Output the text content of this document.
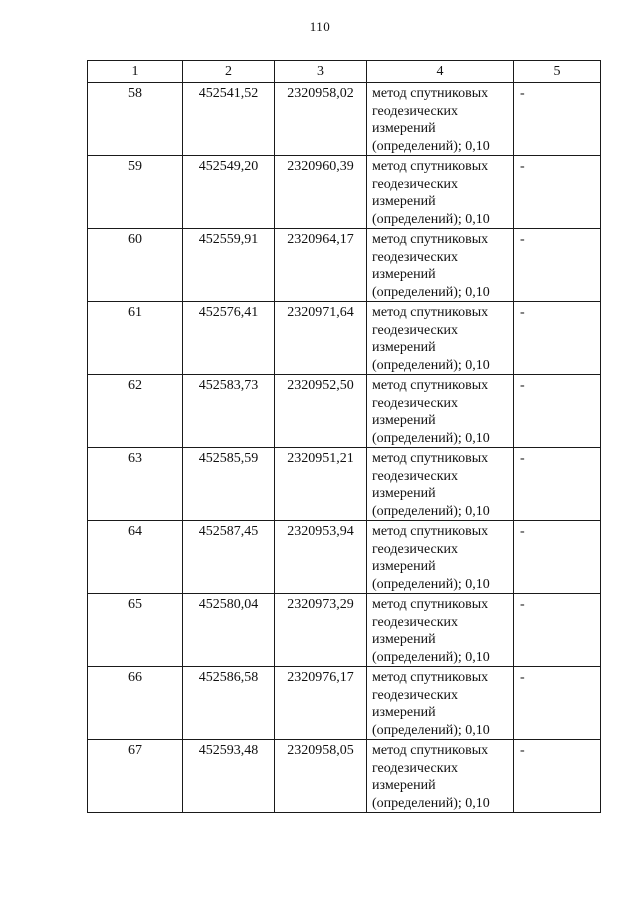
110
1	2	3	4	5
58	452541,52	2320958,02	метод спутниковых
геодезических
измерений
(определений); 0,10	-
59	452549,20	2320960,39	метод спутниковых
геодезических
измерений
(определений); 0,10	-
60	452559,91	2320964,17	метод спутниковых
геодезических
измерений
(определений); 0,10	-
61	452576,41	2320971,64	метод спутниковых
геодезических
измерений
(определений); 0,10	-
62	452583,73	2320952,50	метод спутниковых
геодезических
измерений
(определений); 0,10	-
63	452585,59	2320951,21	метод спутниковых
геодезических
измерений
(определений); 0,10	-
64	452587,45	2320953,94	метод спутниковых
геодезических
измерений
(определений); 0,10	-
65	452580,04	2320973,29	метод спутниковых
геодезических
измерений
(определений); 0,10	-
66	452586,58	2320976,17	метод спутниковых
геодезических
измерений
(определений); 0,10	-
67	452593,48	2320958,05	метод спутниковых
геодезических
измерений
(определений); 0,10	-
